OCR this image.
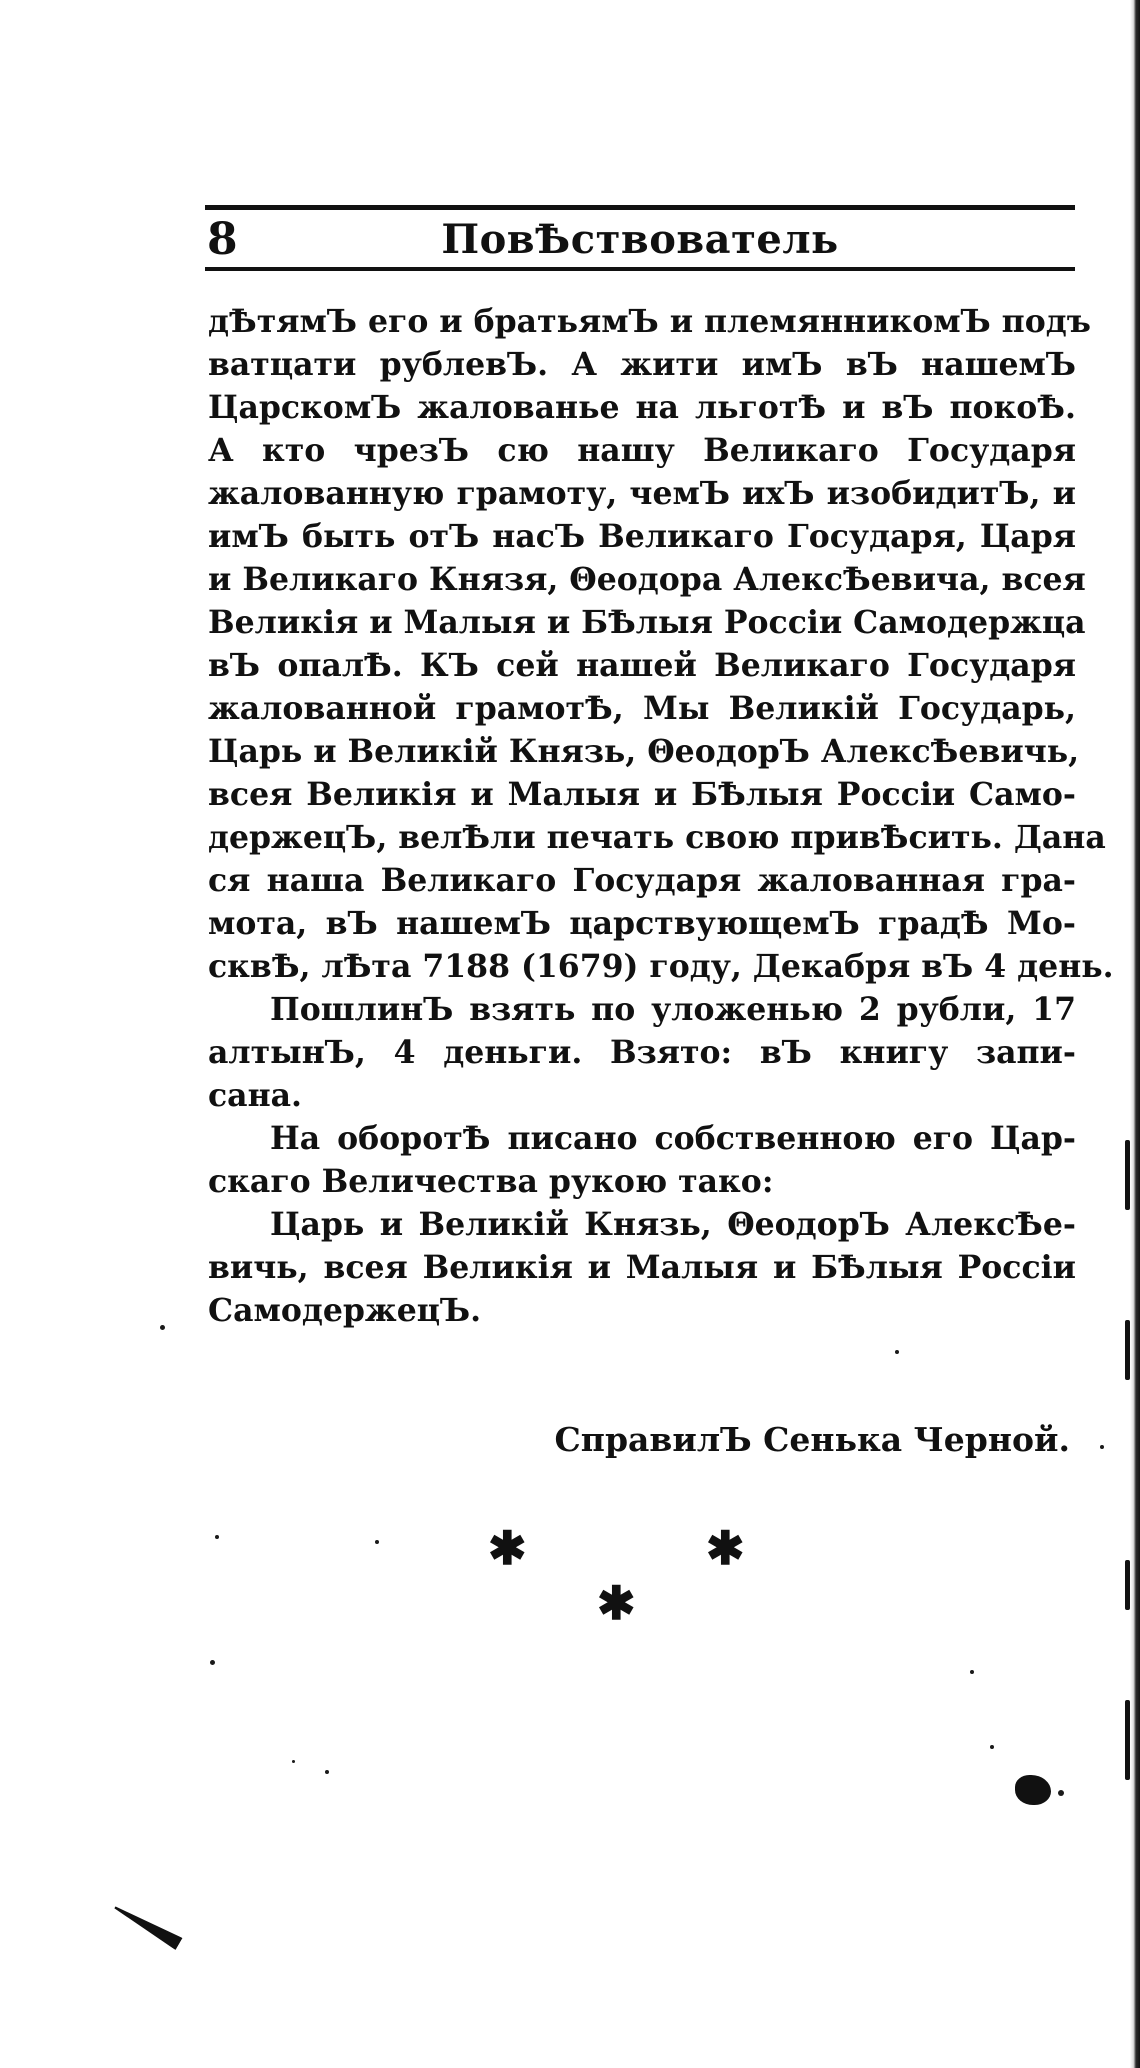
8	ПовѢствователь
дѢтямЪ его и братьямЪ и племянникомЪ подъ
ватцати рублевЪ. А жити имЪ вЪ нашемЪ
ЦарскомЪ жалованье на льготѢ и вЪ покоѢ.
А кто чрезЪ сю нашу Великаго Государя
жалованную грамоту, чемЪ ихЪ изобидитЪ, и
имЪ быть отЪ насЪ Великаго Государя, Царя
и Великаго Князя, Θеодора АлексѢевича, всея
Великія и Малыя и БѢлыя Россіи Самодержца
вЪ опалѢ. КЪ сей нашей Великаго Государя
жалованной грамотѢ, Мы Великій Государь,
Царь и Великій Князь, ΘеодорЪ АлексѢевичь,
всея Великія и Малыя и БѢлыя Россіи Само-
держецЪ, велѢли печать свою привѢсить. Дана
ся наша Великаго Государя жалованная гра-
мота, вЪ нашемЪ царствующемЪ градѢ Мо-
сквѢ, лѢта 7188 (1679) году, Декабря вЪ 4 день.
ПошлинЪ взять по уложенью 2 рубли, 17
алтынЪ, 4 деньги. Взято: вЪ книгу запи-
сана.
На оборотѢ писано собственною его Цар-
скаго Величества рукою тако:
Царь и Великій Князь, ΘеодорЪ АлексѢе-
вичь, всея Великія и Малыя и БѢлыя Россіи
СамодержецЪ.
СправилЪ Сенька Черной.
✱	✱
✱
